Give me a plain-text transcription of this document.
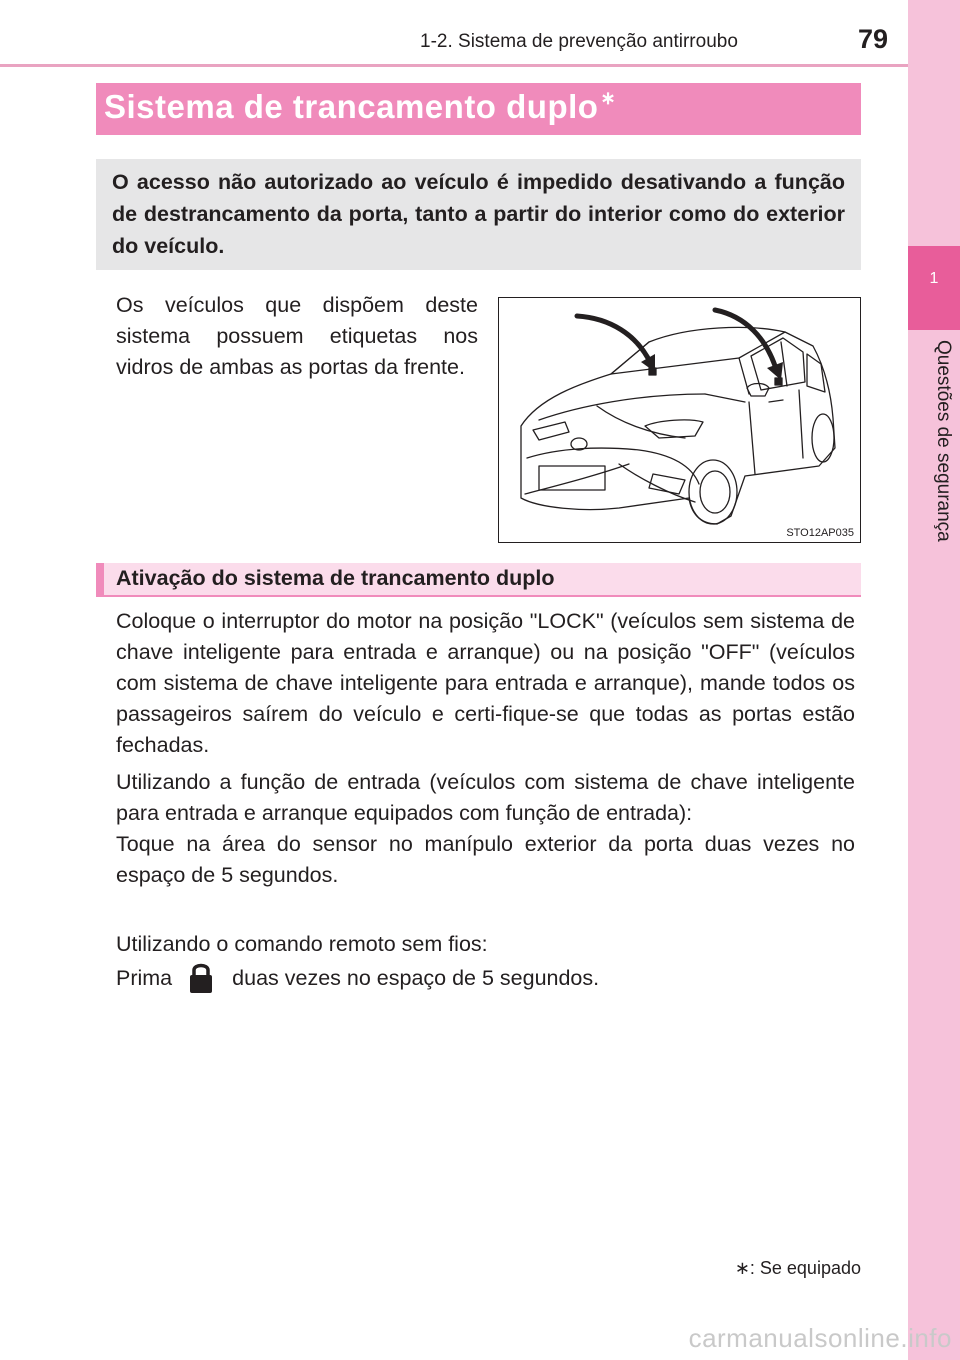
1
Questões de segurança
1-2. Sistema de prevenção antirroubo	79
Sistema de trancamento duplo ∗
O acesso não autorizado ao veículo é impedido desativando a função de destrancamento da porta, tanto a partir do interior como do exterior do veículo.
Os veículos que dispõem deste sistema possuem etiquetas nos vidros de ambas as portas da frente.
STO12AP035
Ativação do sistema de trancamento duplo
Coloque o interruptor do motor na posição "LOCK" (veículos sem sistema de chave inteligente para entrada e arranque) ou na posição "OFF" (veículos com sistema de chave inteligente para entrada e arranque), mande todos os passageiros saírem do veículo e certi-fique-se que todas as portas estão fechadas.
Utilizando a função de entrada (veículos com sistema de chave inteligente para entrada e arranque equipados com função de entrada):
Toque na área do sensor no manípulo exterior da porta duas vezes no espaço de 5 segundos.
Utilizando o comando remoto sem fios:
Prima	duas vezes no espaço de 5 segundos.
∗: Se equipado
carmanualsonline.info
